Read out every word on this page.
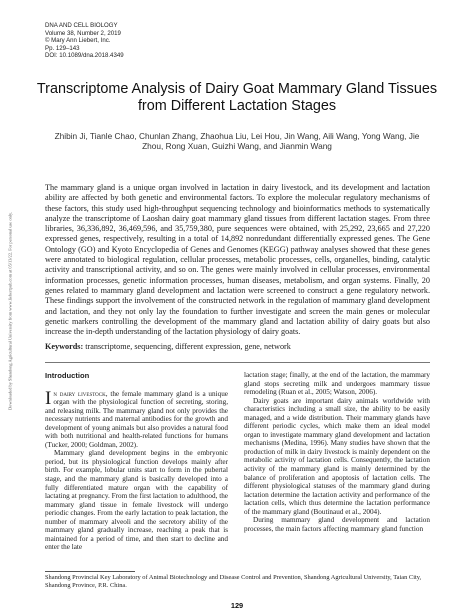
DNA AND CELL BIOLOGY
Volume 38, Number 2, 2019
© Mary Ann Liebert, Inc.
Pp. 129–143
DOI: 10.1089/dna.2018.4349
Downloaded by Shandong Agricultural University from www.liebertpub.com at 05/13/22. For personal use only.
Transcriptome Analysis of Dairy Goat Mammary Gland Tissues from Different Lactation Stages
Zhibin Ji, Tianle Chao, Chunlan Zhang, Zhaohua Liu, Lei Hou, Jin Wang, Aili Wang, Yong Wang, Jie Zhou, Rong Xuan, Guizhi Wang, and Jianmin Wang
The mammary gland is a unique organ involved in lactation in dairy livestock, and its development and lactation ability are affected by both genetic and environmental factors. To explore the molecular regulatory mechanisms of these factors, this study used high-throughput sequencing technology and bioinformatics methods to systematically analyze the transcriptome of Laoshan dairy goat mammary gland tissues from different lactation stages. From three libraries, 36,336,892, 36,469,596, and 35,759,380, pure sequences were obtained, with 25,292, 23,665 and 27,220 expressed genes, respectively, resulting in a total of 14,892 nonredundant differentially expressed genes. The Gene Ontology (GO) and Kyoto Encyclopedia of Genes and Genomes (KEGG) pathway analyses showed that these genes were annotated to biological regulation, cellular processes, metabolic processes, cells, organelles, binding, catalytic activity and transcriptional activity, and so on. The genes were mainly involved in cellular processes, environmental information processes, genetic information processes, human diseases, metabolism, and organ systems. Finally, 20 genes related to mammary gland development and lactation were screened to construct a gene regulatory network. These findings support the involvement of the constructed network in the regulation of mammary gland development and lactation, and they not only lay the foundation to further investigate and screen the main genes or molecular genetic markers controlling the development of the mammary gland and lactation ability of dairy goats but also increase the in-depth understanding of the lactation physiology of dairy goats.
Keywords: transcriptome, sequencing, different expression, gene, network

Introduction

In dairy livestock, the female mammary gland is a unique organ with the physiological function of secreting, storing, and releasing milk. The mammary gland not only provides the necessary nutrients and maternal antibodies for the growth and development of young animals but also provides a natural food with both nutritional and health-related functions for humans (Tucker, 2000; Goldman, 2002).

Mammary gland development begins in the embryonic period, but its physiological function develops mainly after birth. For example, lobular units start to form in the pubertal stage, and the mammary gland is basically developed into a fully differentiated mature organ with the capability of lactating at pregnancy. From the first lactation to adulthood, the mammary gland tissue in female livestock will undergo periodic changes. From the early lactation to peak lactation, the number of mammary alveoli and the secretory ability of the mammary gland gradually increase, reaching a peak that is maintained for a period of time, and then start to decline and enter the late

lactation stage; finally, at the end of the lactation, the mammary gland stops secreting milk and undergoes mammary tissue remodeling (Ruan et al., 2005; Watson, 2006).

Dairy goats are important dairy animals worldwide with characteristics including a small size, the ability to be easily managed, and a wide distribution. Their mammary glands have different periodic cycles, which make them an ideal model organ to investigate mammary gland development and lactation mechanisms (Medina, 1996). Many studies have shown that the production of milk in dairy livestock is mainly dependent on the metabolic activity of lactation cells. Consequently, the lactation activity of the mammary gland is mainly determined by the balance of proliferation and apoptosis of lactation cells. The different physiological statuses of the mammary gland during lactation determine the lactation activity and performance of the lactation cells, which thus determine the lactation performance of the mammary gland (Boutinaud et al., 2004).

During mammary gland development and lactation processes, the main factors affecting mammary gland function

Shandong Provincial Key Laboratory of Animal Biotechnology and Disease Control and Prevention, Shandong Agricultural University, Taian City, Shandong Province, P.R. China.
129
